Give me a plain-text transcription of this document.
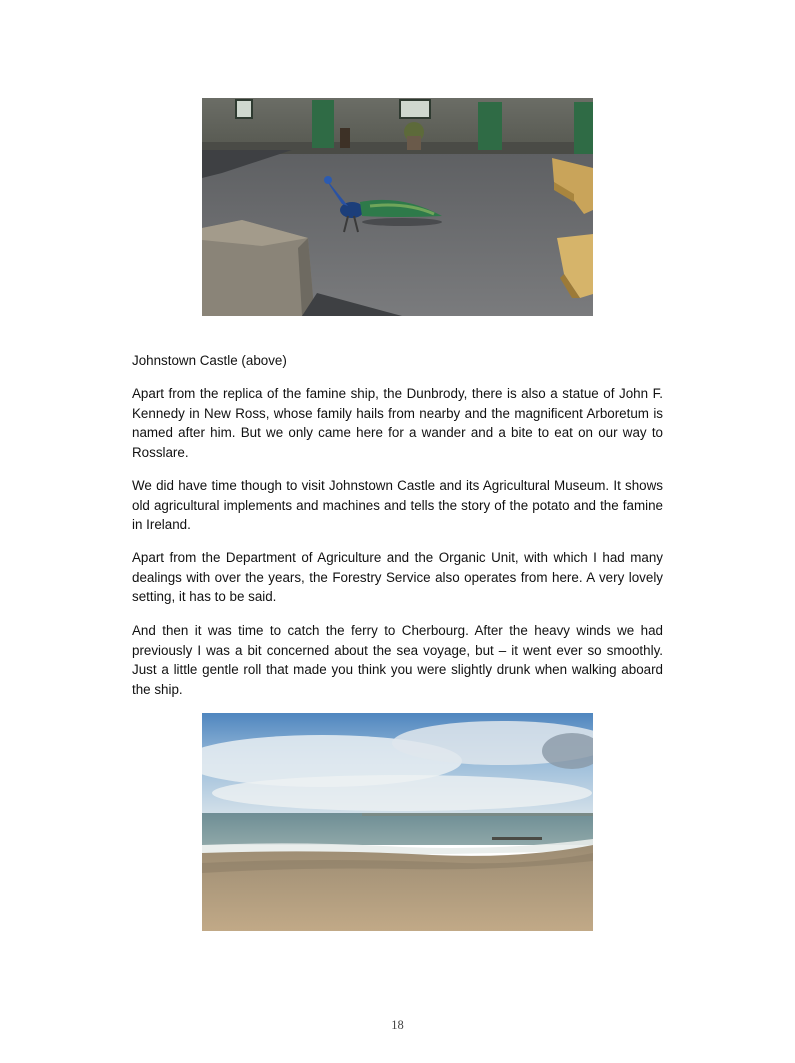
Johnstown Castle (above)

Apart from the replica of the famine ship, the Dunbrody, there is also a statue of John F. Kennedy in New Ross, whose family hails from nearby and the magnificent Arboretum is named after him. But we only came here for a wander and a bite to eat on our way to Rosslare.

We did have time though to visit Johnstown Castle and its Agricultural Museum. It shows old agricultural implements and machines and tells the story of the potato and the famine in Ireland.

Apart from the Department of Agriculture and the Organic Unit, with which I had many dealings with over the years, the Forestry Service also operates from here. A very lovely setting, it has to be said.

And then it was time to catch the ferry to Cherbourg. After the heavy winds we had previously I was a bit concerned about the sea voyage, but – it went ever so smoothly. Just a little gentle roll that made you think you were slightly drunk when walking aboard the ship.

18
